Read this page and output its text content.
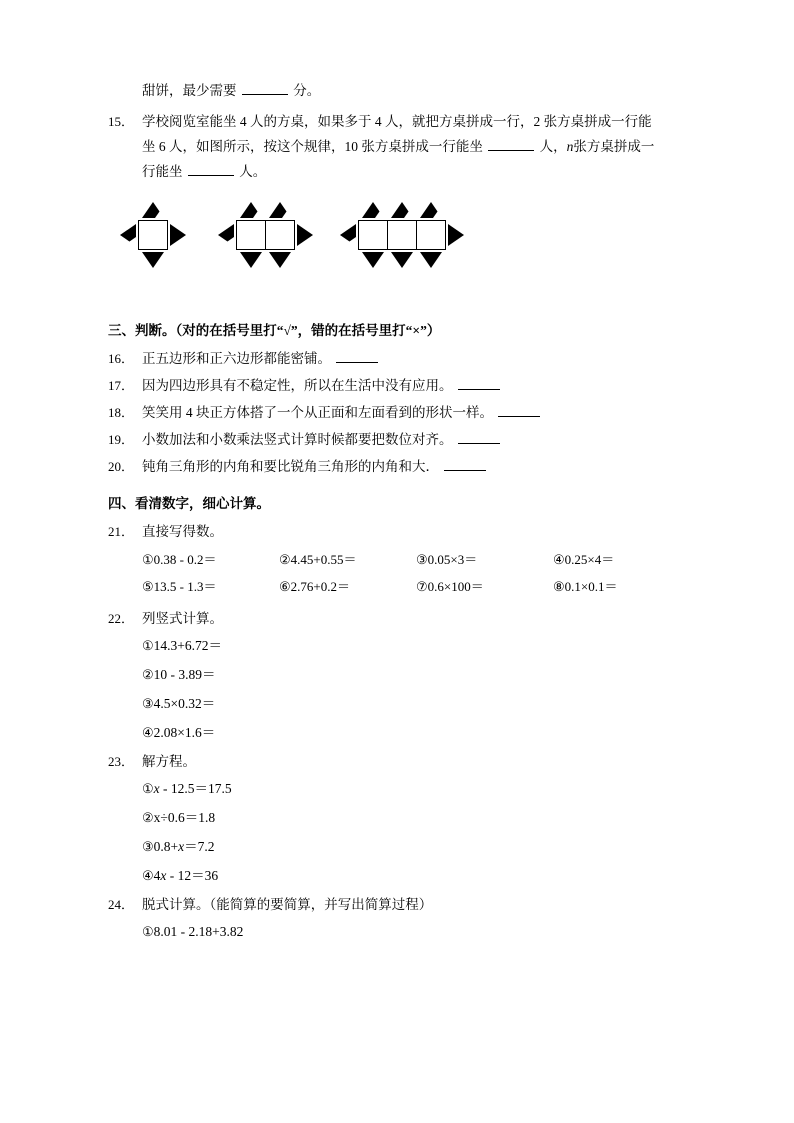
甜饼，最少需要	分。
15． 学校阅览室能坐 4 人的方桌，如果多于 4 人，就把方桌拼成一行，2 张方桌拼成一行能
坐 6 人，如图所示，按这个规律，10 张方桌拼成一行能坐	人，n张方桌拼成一
行能坐	人。
三、判断。（对的在括号里打“√”，错的在括号里打“×”）
16． 正五边形和正六边形都能密铺。
17． 因为四边形具有不稳定性，所以在生活中没有应用。
18． 笑笑用 4 块正方体搭了一个从正面和左面看到的形状一样。
19． 小数加法和小数乘法竖式计算时候都要把数位对齐。
20． 钝角三角形的内角和要比锐角三角形的内角和大．
四、看清数字，细心计算。
21． 直接写得数。
①0.38 - 0.2＝	②4.45+0.55＝	③0.05×3＝	④0.25×4＝
⑤13.5 - 1.3＝	⑥2.76+0.2＝	⑦0.6×100＝	⑧0.1×0.1＝
22． 列竖式计算。
①14.3+6.72＝
②10 - 3.89＝
③4.5×0.32＝
④2.08×1.6＝
23． 解方程。
①x - 12.5＝17.5
②x÷0.6＝1.8
③0.8+x＝7.2
④4x - 12＝36
24． 脱式计算。（能简算的要简算，并写出简算过程）
①8.01 - 2.18+3.82
